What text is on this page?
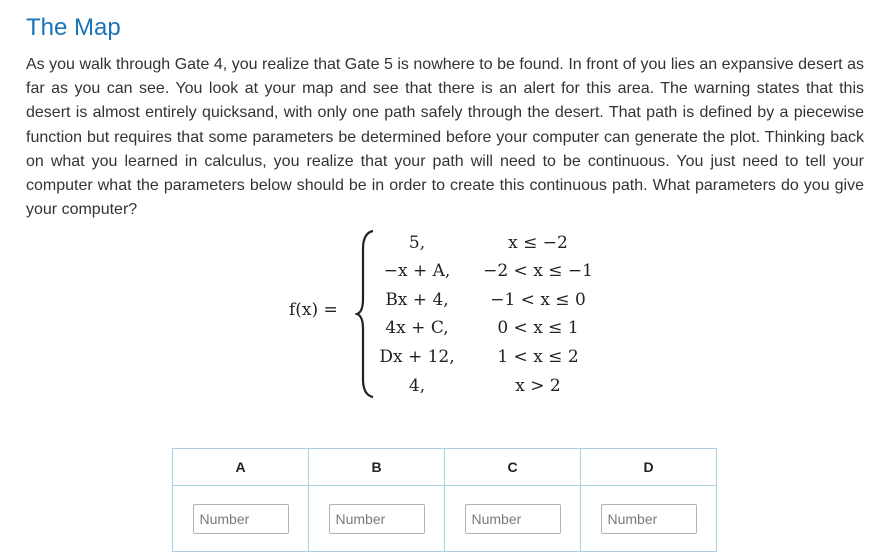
The Map

As you walk through Gate 4, you realize that Gate 5 is nowhere to be found. In front of you lies an expansive desert as far as you can see. You look at your map and see that there is an alert for this area. The warning states that this desert is almost entirely quicksand, with only one path safely through the desert. That path is defined by a piecewise function but requires that some parameters be determined before your computer can generate the plot. Thinking back on what you learned in calculus, you realize that your path will need to be continuous. You just need to tell your computer what the parameters below should be in order to create this continuous path. What parameters do you give your computer?

f(x) =
5,	x ≤ −2
−x + A,	−2 < x ≤ −1
Bx + 4,	−1 < x ≤ 0
4x + C,	0 < x ≤ 1
Dx + 12,	1 < x ≤ 2
4,	x > 2
A	B	C	D
Number	Number	Number	Number
